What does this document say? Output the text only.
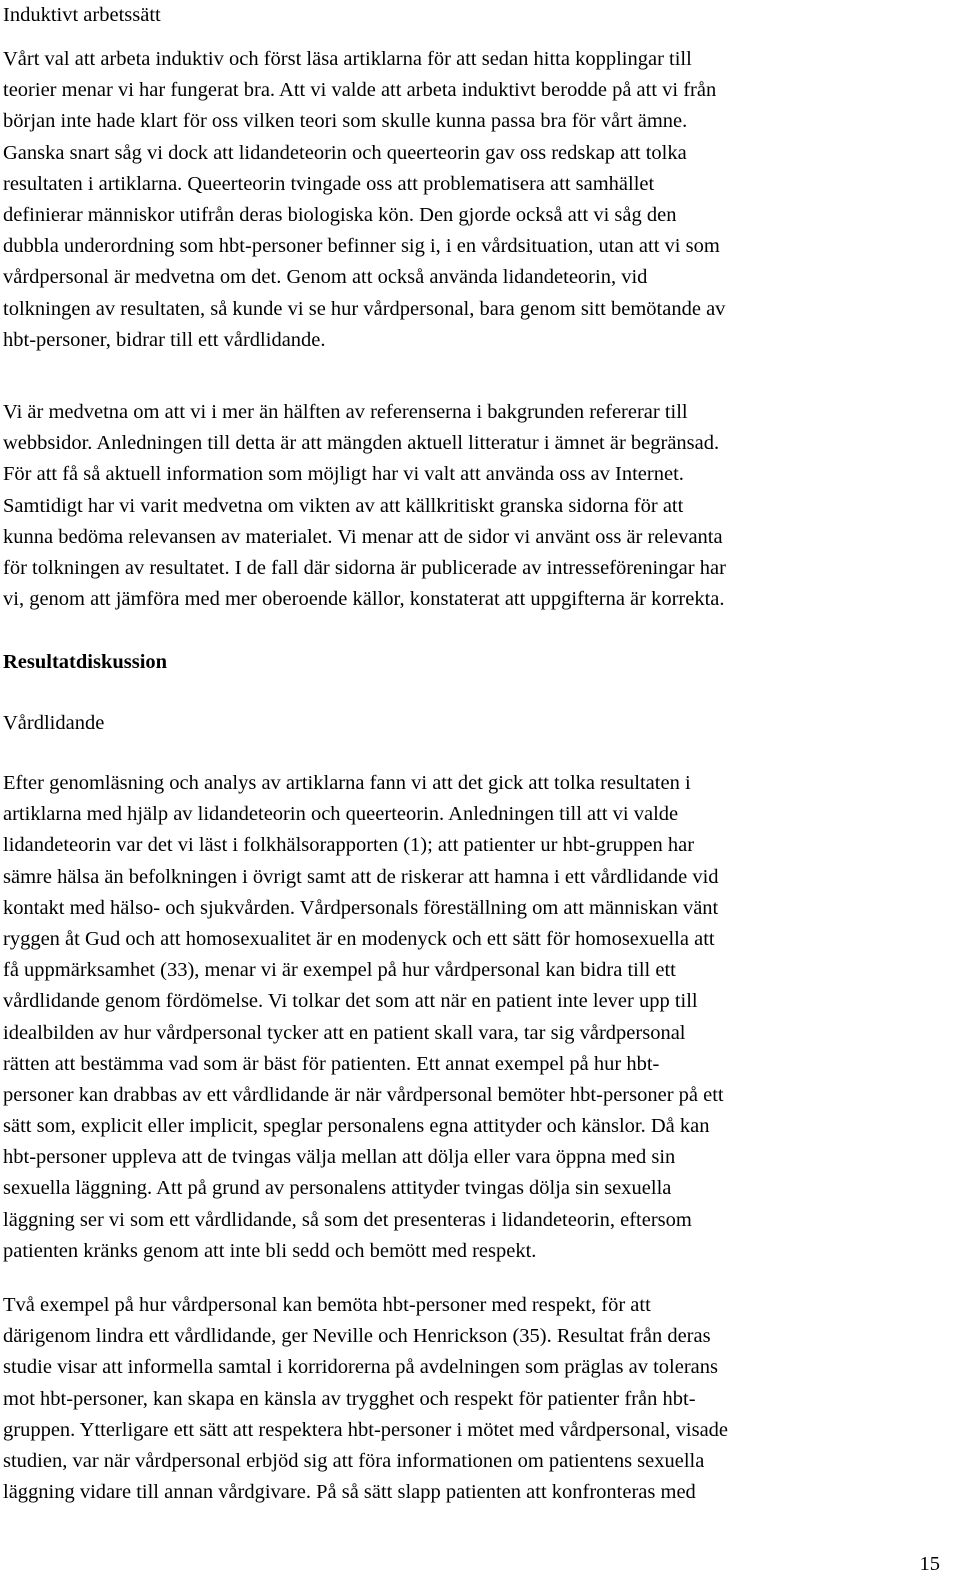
Induktivt arbetssätt

Vårt val att arbeta induktiv och först läsa artiklarna för att sedan hitta kopplingar till
teorier menar vi har fungerat bra. Att vi valde att arbeta induktivt berodde på att vi från
början inte hade klart för oss vilken teori som skulle kunna passa bra för vårt ämne.
Ganska snart såg vi dock att lidandeteorin och queerteorin gav oss redskap att tolka
resultaten i artiklarna. Queerteorin tvingade oss att problematisera att samhället
definierar människor utifrån deras biologiska kön. Den gjorde också att vi såg den
dubbla underordning som hbt-personer befinner sig i, i en vårdsituation, utan att vi som
vårdpersonal är medvetna om det. Genom att också använda lidandeteorin, vid
tolkningen av resultaten, så kunde vi se hur vårdpersonal, bara genom sitt bemötande av
hbt-personer, bidrar till ett vårdlidande.

Vi är medvetna om att vi i mer än hälften av referenserna i bakgrunden refererar till
webbsidor. Anledningen till detta är att mängden aktuell litteratur i ämnet är begränsad.
För att få så aktuell information som möjligt har vi valt att använda oss av Internet.
Samtidigt har vi varit medvetna om vikten av att källkritiskt granska sidorna för att
kunna bedöma relevansen av materialet. Vi menar att de sidor vi använt oss är relevanta
för tolkningen av resultatet. I de fall där sidorna är publicerade av intresseföreningar har
vi, genom att jämföra med mer oberoende källor, konstaterat att uppgifterna är korrekta.

Resultatdiskussion
Vårdlidande

Efter genomläsning och analys av artiklarna fann vi att det gick att tolka resultaten i
artiklarna med hjälp av lidandeteorin och queerteorin. Anledningen till att vi valde
lidandeteorin var det vi läst i folkhälsorapporten (1); att patienter ur hbt-gruppen har
sämre hälsa än befolkningen i övrigt samt att de riskerar att hamna i ett vårdlidande vid
kontakt med hälso- och sjukvården. Vårdpersonals föreställning om att människan vänt
ryggen åt Gud och att homosexualitet är en modenyck och ett sätt för homosexuella att
få uppmärksamhet (33), menar vi är exempel på hur vårdpersonal kan bidra till ett
vårdlidande genom fördömelse. Vi tolkar det som att när en patient inte lever upp till
idealbilden av hur vårdpersonal tycker att en patient skall vara, tar sig vårdpersonal
rätten att bestämma vad som är bäst för patienten. Ett annat exempel på hur hbt-
personer kan drabbas av ett vårdlidande är när vårdpersonal bemöter hbt-personer på ett
sätt som, explicit eller implicit, speglar personalens egna attityder och känslor. Då kan
hbt-personer uppleva att de tvingas välja mellan att dölja eller vara öppna med sin
sexuella läggning. Att på grund av personalens attityder tvingas dölja sin sexuella
läggning ser vi som ett vårdlidande, så som det presenteras i lidandeteorin, eftersom
patienten kränks genom att inte bli sedd och bemött med respekt.

Två exempel på hur vårdpersonal kan bemöta hbt-personer med respekt, för att
därigenom lindra ett vårdlidande, ger Neville och Henrickson (35). Resultat från deras
studie visar att informella samtal i korridorerna på avdelningen som präglas av tolerans
mot hbt-personer, kan skapa en känsla av trygghet och respekt för patienter från hbt-
gruppen. Ytterligare ett sätt att respektera hbt-personer i mötet med vårdpersonal, visade
studien, var när vårdpersonal erbjöd sig att föra informationen om patientens sexuella
läggning vidare till annan vårdgivare. På så sätt slapp patienten att konfronteras med

15
